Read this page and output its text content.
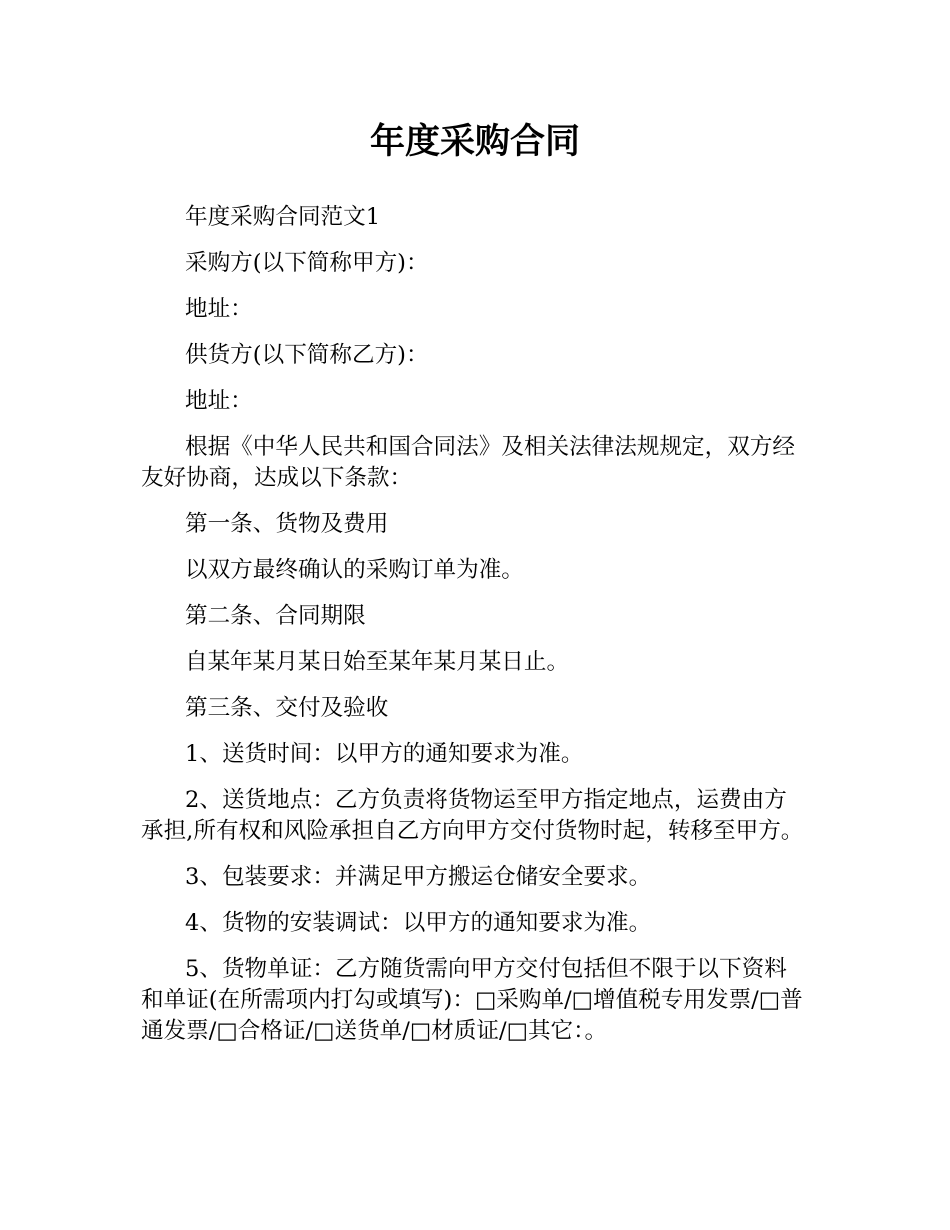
年度采购合同

年度采购合同范文1

采购方(以下简称甲方)：

地址：

供货方(以下简称乙方)：

地址：

根据《中华人民共和国合同法》及相关法律法规规定，双方经友好协商，达成以下条款：

第一条、货物及费用

以双方最终确认的采购订单为准。

第二条、合同期限

自某年某月某日始至某年某月某日止。

第三条、交付及验收

1、送货时间：以甲方的通知要求为准。

2、送货地点：乙方负责将货物运至甲方指定地点，运费由方承担,所有权和风险承担自乙方向甲方交付货物时起，转移至甲方。

3、包装要求：并满足甲方搬运仓储安全要求。

4、货物的安装调试：以甲方的通知要求为准。

5、货物单证：乙方随货需向甲方交付包括但不限于以下资料和单证(在所需项内打勾或填写)：□采购单/□增值税专用发票/□普通发票/□合格证/□送货单/□材质证/□其它：。
